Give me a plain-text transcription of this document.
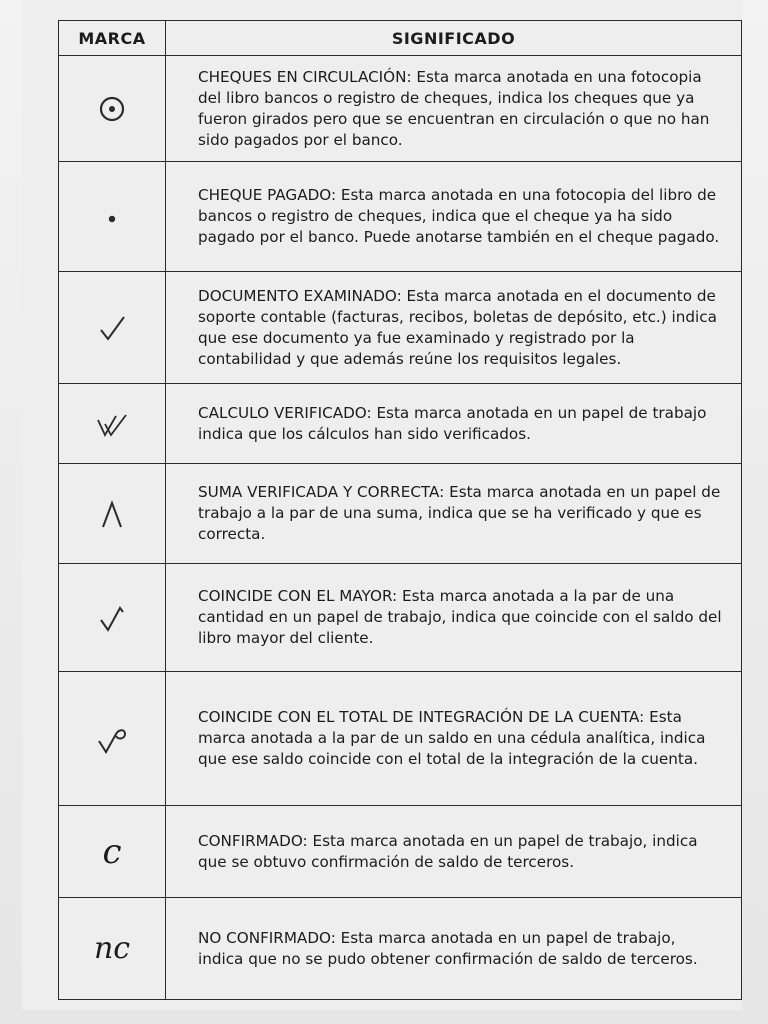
MARCA	SIGNIFICADO

	CHEQUES EN CIRCULACIÓN: Esta marca anotada en una fotocopia del libro bancos o registro de cheques, indica los cheques que ya fueron girados pero que se encuentran en circulación o que no han sido pagados por el banco.

	CHEQUE PAGADO: Esta marca anotada en una fotocopia del libro de bancos o registro de cheques, indica que el cheque ya ha sido pagado por el banco. Puede anotarse también en el cheque pagado.

	DOCUMENTO EXAMINADO: Esta marca anotada en el documento de soporte contable (facturas, recibos, boletas de depósito, etc.) indica que ese documento ya fue examinado y registrado por la contabilidad y que además reúne los requisitos legales.

	CALCULO VERIFICADO: Esta marca anotada en un papel de trabajo indica que los cálculos han sido verificados.

	SUMA VERIFICADA Y CORRECTA: Esta marca anotada en un papel de trabajo a la par de una suma, indica que se ha verificado y que es correcta.

	COINCIDE CON EL MAYOR: Esta marca anotada a la par de una cantidad en un papel de trabajo, indica que coincide con el saldo del libro mayor del cliente.

	COINCIDE CON EL TOTAL DE INTEGRACIÓN DE LA CUENTA: Esta marca anotada a la par de un saldo en una cédula analítica, indica que ese saldo coincide con el total de la integración de la cuenta.
c	CONFIRMADO: Esta marca anotada en un papel de trabajo, indica que se obtuvo confirmación de saldo de terceros.
nc	NO CONFIRMADO: Esta marca anotada en un papel de trabajo, indica que no se pudo obtener confirmación de saldo de terceros.
